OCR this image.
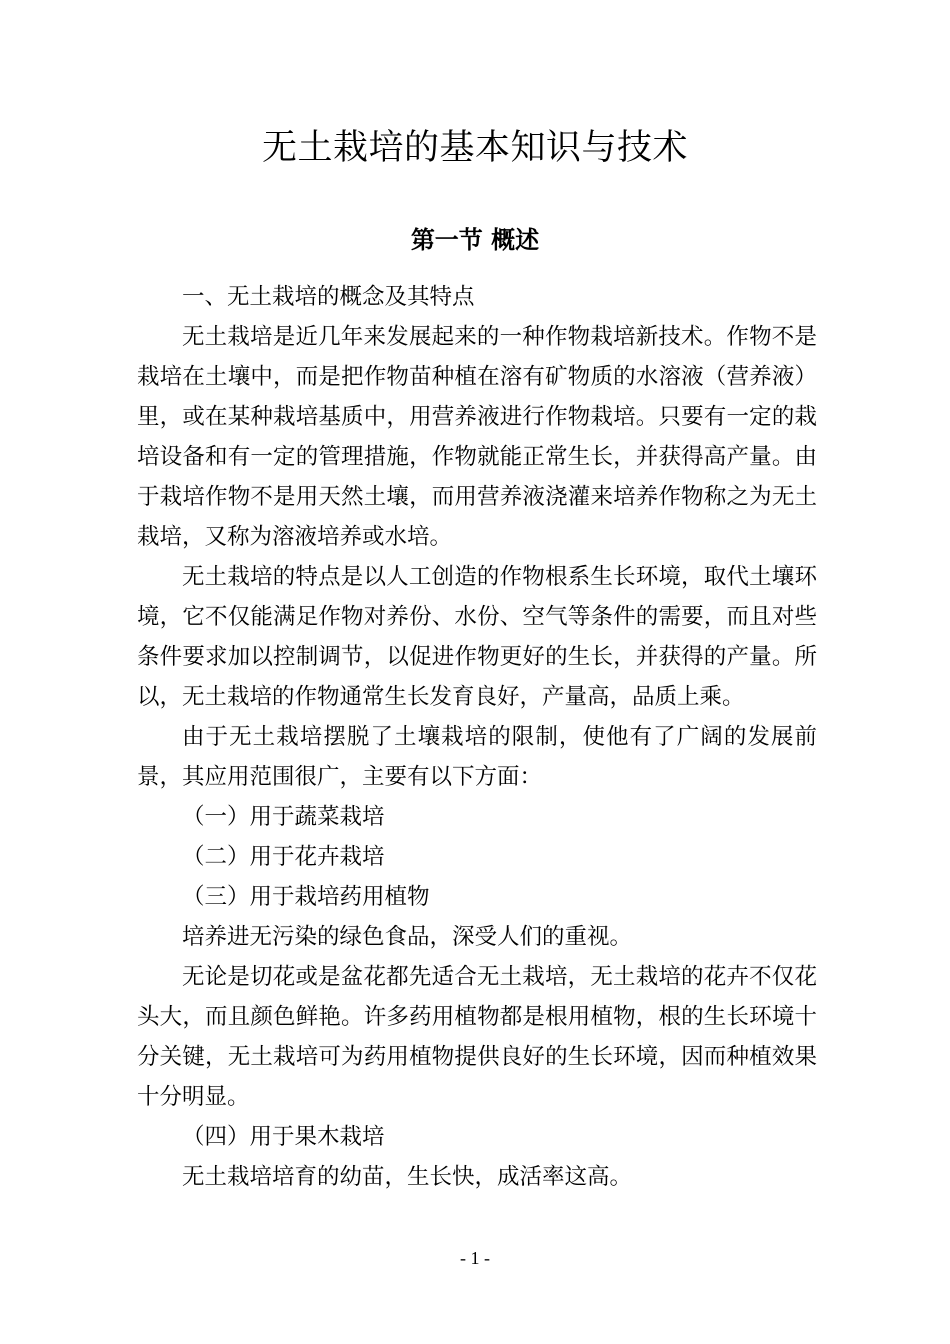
无土栽培的基本知识与技术
第一节 概述

一、无土栽培的概念及其特点

无土栽培是近几年来发展起来的一种作物栽培新技术。作物不是栽培在土壤中，而是把作物苗种植在溶有矿物质的水溶液（营养液）里，或在某种栽培基质中，用营养液进行作物栽培。只要有一定的栽培设备和有一定的管理措施，作物就能正常生长，并获得高产量。由于栽培作物不是用天然土壤，而用营养液浇灌来培养作物称之为无土栽培，又称为溶液培养或水培。

无土栽培的特点是以人工创造的作物根系生长环境，取代土壤环境，它不仅能满足作物对养份、水份、空气等条件的需要，而且对些条件要求加以控制调节，以促进作物更好的生长，并获得的产量。所以，无土栽培的作物通常生长发育良好，产量高，品质上乘。

由于无土栽培摆脱了土壤栽培的限制，使他有了广阔的发展前景，其应用范围很广，主要有以下方面：

（一）用于蔬菜栽培

（二）用于花卉栽培

（三）用于栽培药用植物

培养进无污染的绿色食品，深受人们的重视。

无论是切花或是盆花都先适合无土栽培，无土栽培的花卉不仅花头大，而且颜色鲜艳。许多药用植物都是根用植物，根的生长环境十分关键，无土栽培可为药用植物提供良好的生长环境，因而种植效果十分明显。

（四）用于果木栽培

无土栽培培育的幼苗，生长快，成活率这高。

- 1 -
